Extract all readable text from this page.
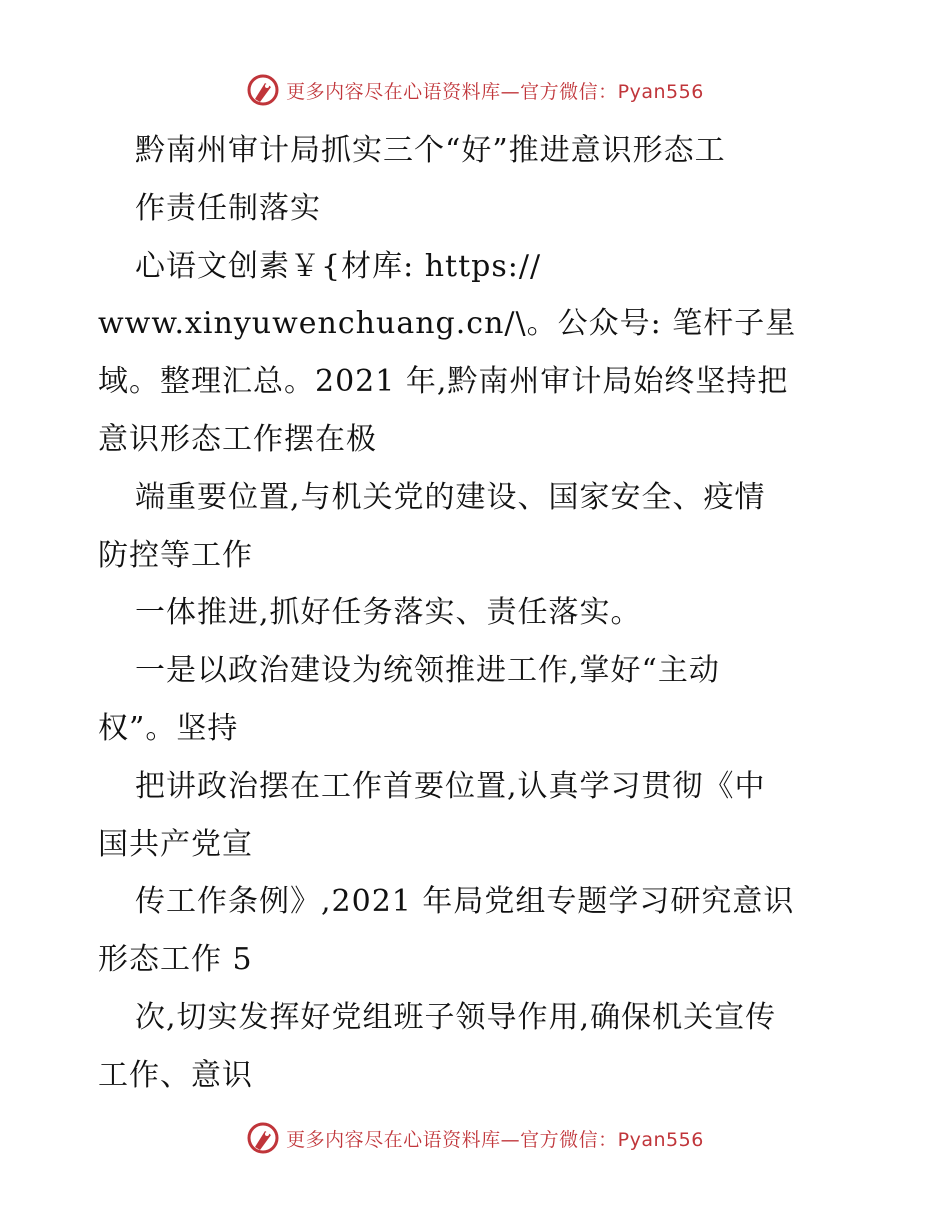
更多内容尽在心语资料库—官方微信：Pyan556

黔南州审计局抓实三个“好”推进意识形态工

作责任制落实

心语文创素￥{材库: https://

www.xinyuwenchuang.cn/\。公众号: 笔杆子星

域。整理汇总。2021 年,黔南州审计局始终坚持把

意识形态工作摆在极

端重要位置,与机关党的建设、国家安全、疫情

防控等工作

一体推进,抓好任务落实、责任落实。

一是以政治建设为统领推进工作,掌好“主动

权”。坚持

把讲政治摆在工作首要位置,认真学习贯彻《中

国共产党宣

传工作条例》,2021 年局党组专题学习研究意识

形态工作 5

次,切实发挥好党组班子领导作用,确保机关宣传

工作、意识

更多内容尽在心语资料库—官方微信：Pyan556
